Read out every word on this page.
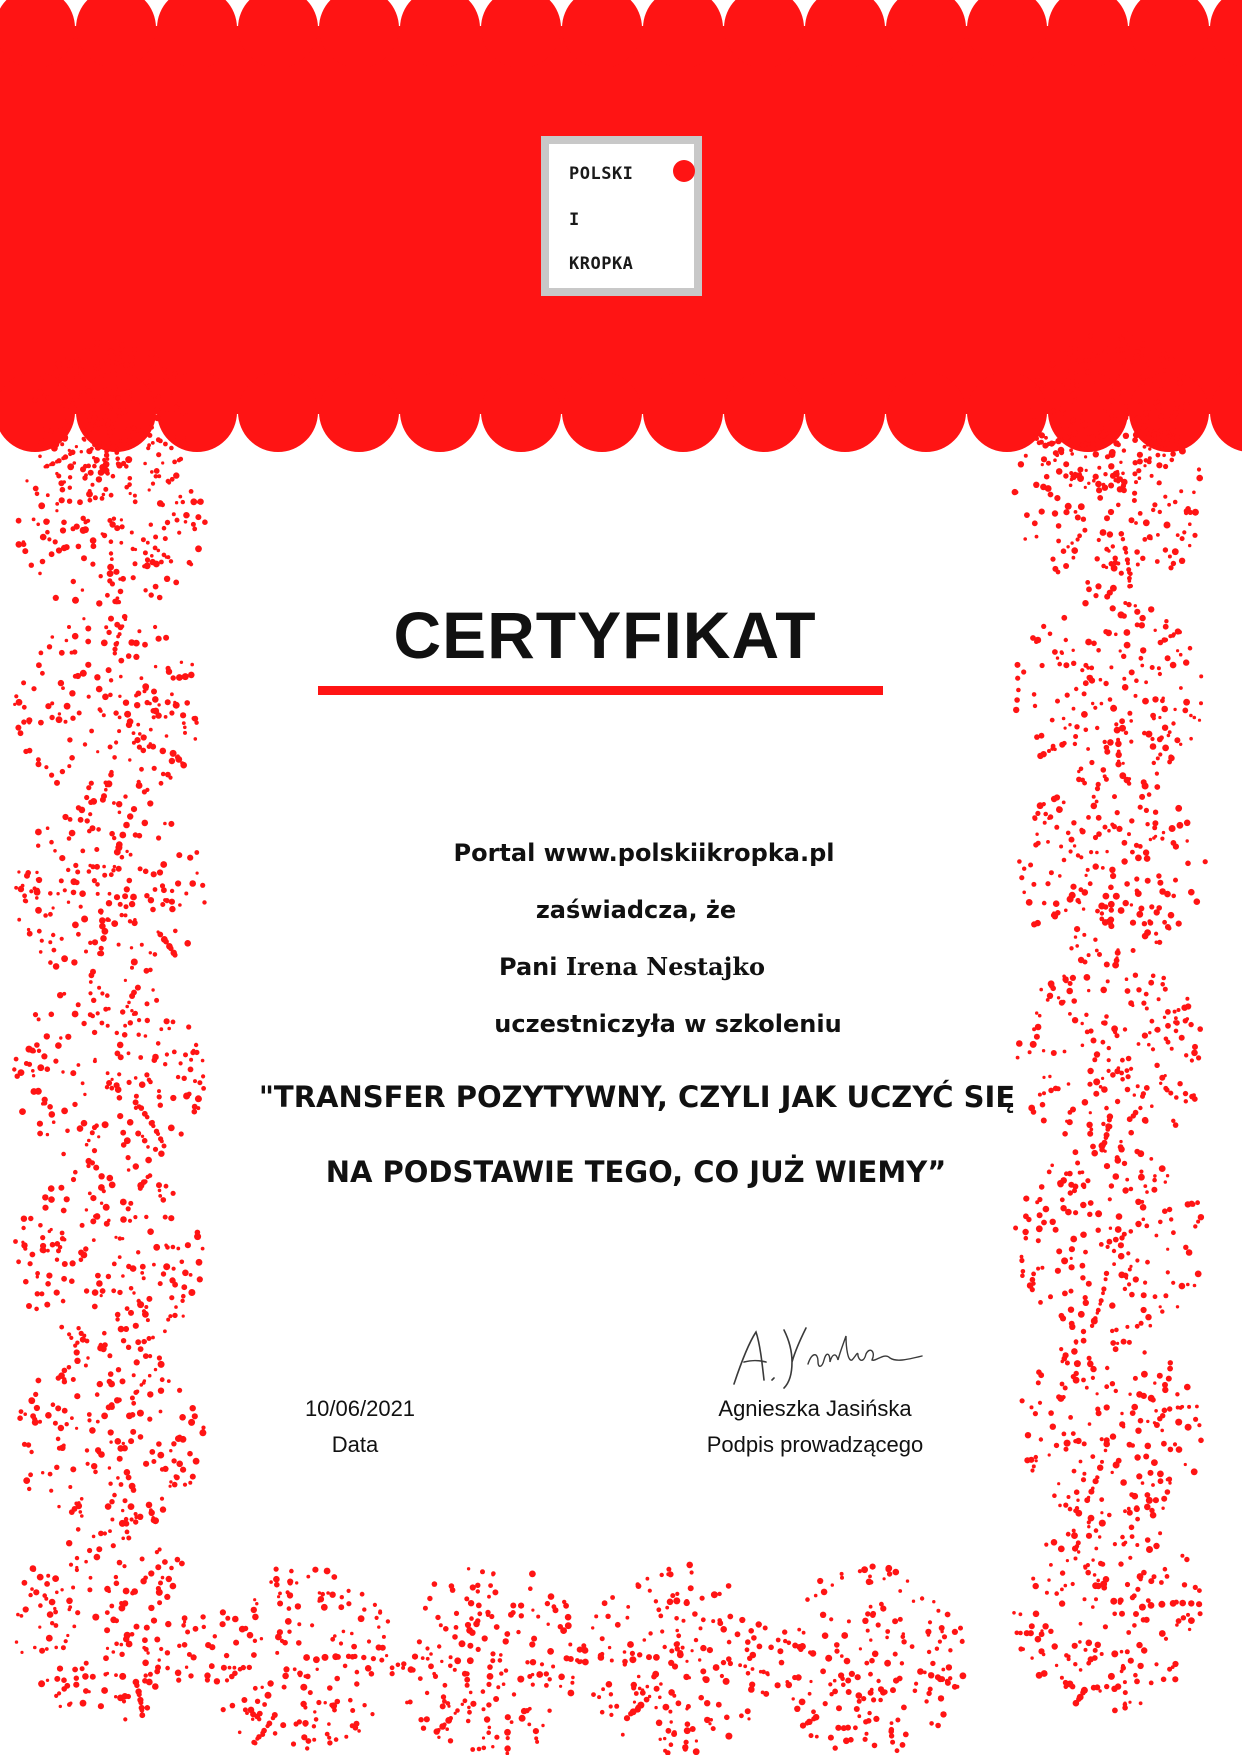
POLSKI
I
KROPKA
CERTYFIKAT
Portal www.polskiikropka.pl
zaświadcza, że
Pani Irena Nestajko
uczestniczyła w szkoleniu
"TRANSFER POZYTYWNY, CZYLI JAK UCZYĆ SIĘ
NA PODSTAWIE TEGO, CO JUŻ WIEMY”
10/06/2021
Data
Agnieszka Jasińska
Podpis prowadzącego
